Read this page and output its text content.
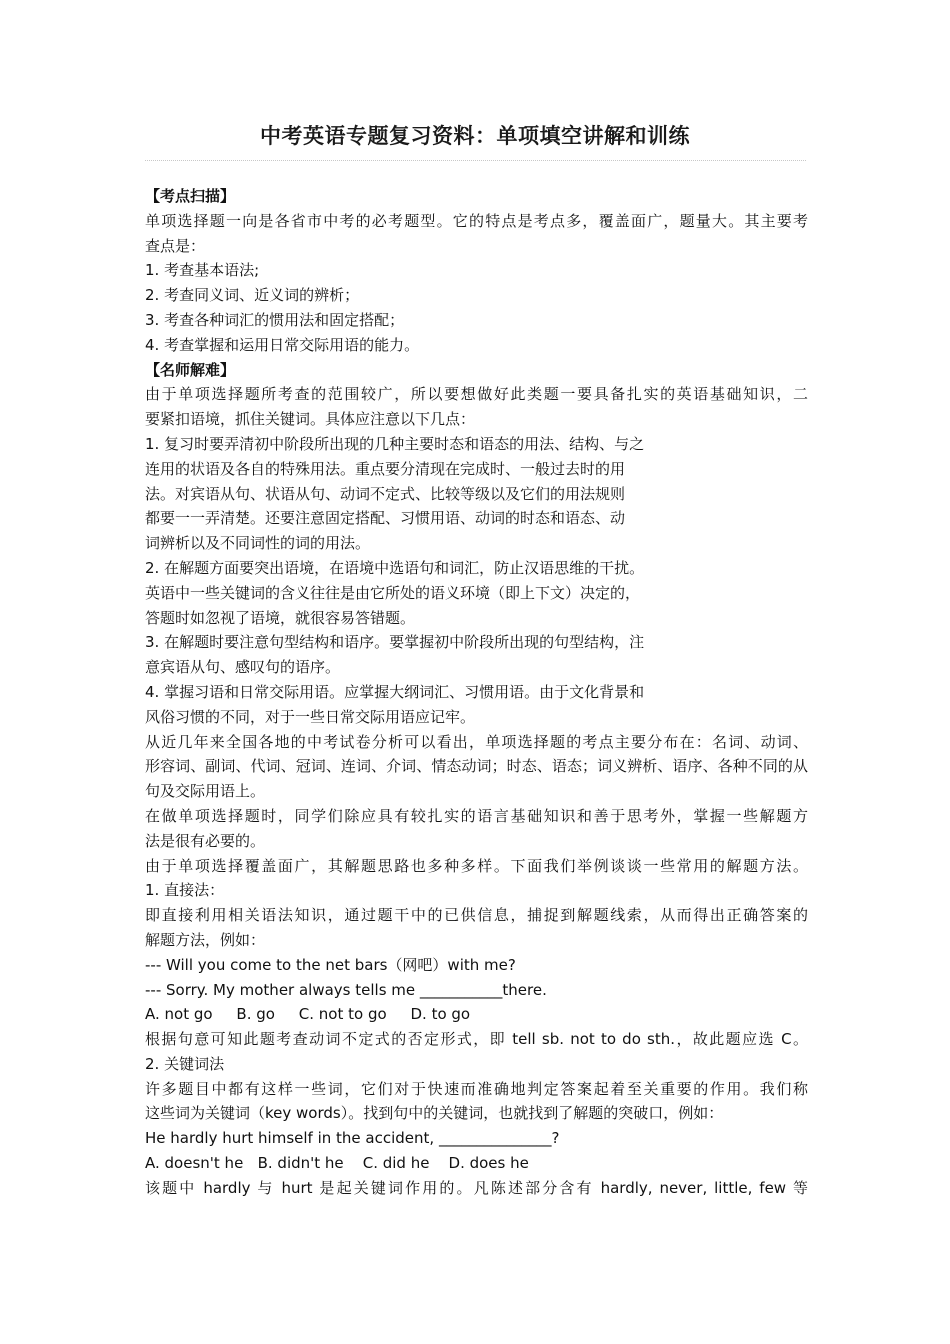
中考英语专题复习资料：单项填空讲解和训练
【考点扫描】
单项选择题一向是各省市中考的必考题型。它的特点是考点多，覆盖面广，题量大。其主要考
查点是：
1. 考查基本语法;
2. 考查同义词、近义词的辨析；
3. 考查各种词汇的惯用法和固定搭配；
4. 考查掌握和运用日常交际用语的能力。
【名师解难】
由于单项选择题所考查的范围较广，所以要想做好此类题一要具备扎实的英语基础知识，二
要紧扣语境，抓住关键词。具体应注意以下几点：
1. 复习时要弄清初中阶段所出现的几种主要时态和语态的用法、结构、与之
连用的状语及各自的特殊用法。重点要分清现在完成时、一般过去时的用
法。对宾语从句、状语从句、动词不定式、比较等级以及它们的用法规则
都要一一弄清楚。还要注意固定搭配、习惯用语、动词的时态和语态、动
词辨析以及不同词性的词的用法。
2. 在解题方面要突出语境，在语境中选语句和词汇，防止汉语思维的干扰。
英语中一些关键词的含义往往是由它所处的语义环境（即上下文）决定的，
答题时如忽视了语境，就很容易答错题。
3. 在解题时要注意句型结构和语序。要掌握初中阶段所出现的句型结构，注
意宾语从句、感叹句的语序。
4. 掌握习语和日常交际用语。应掌握大纲词汇、习惯用语。由于文化背景和
风俗习惯的不同，对于一些日常交际用语应记牢。
从近几年来全国各地的中考试卷分析可以看出，单项选择题的考点主要分布在：名词、动词、
形容词、副词、代词、冠词、连词、介词、情态动词；时态、语态；词义辨析、语序、各种不同的从
句及交际用语上。
在做单项选择题时，同学们除应具有较扎实的语言基础知识和善于思考外，掌握一些解题方
法是很有必要的。
由于单项选择覆盖面广，其解题思路也多种多样。下面我们举例谈谈一些常用的解题方法。
1. 直接法：
即直接利用相关语法知识，通过题干中的已供信息，捕捉到解题线索，从而得出正确答案的
解题方法，例如：
--- Will you come to the net bars（网吧）with me?
--- Sorry. My mother always tells me ___________there.
A. not go     B. go     C. not to go     D. to go
根据句意可知此题考查动词不定式的否定形式，即 tell sb. not to do sth.，故此题应选 C。
2. 关键词法
许多题目中都有这样一些词，它们对于快速而准确地判定答案起着至关重要的作用。我们称
这些词为关键词（key words）。找到句中的关键词，也就找到了解题的突破口，例如：
He hardly hurt himself in the accident, _______________?
A. doesn't he   B. didn't he    C. did he    D. does he
该题中 hardly 与 hurt 是起关键词作用的。凡陈述部分含有 hardly, never, little, few 等
